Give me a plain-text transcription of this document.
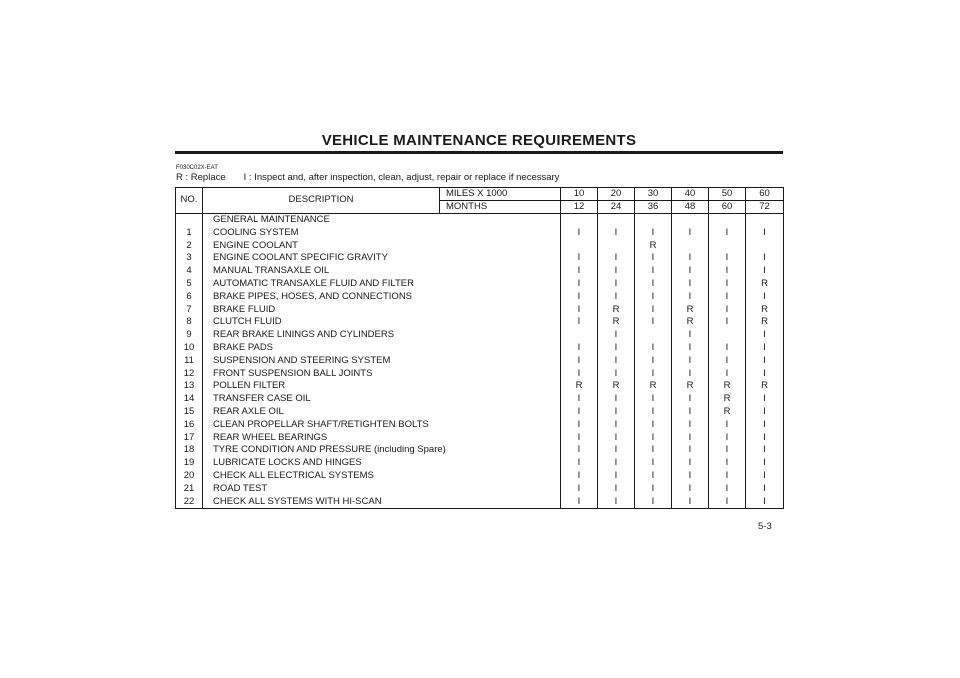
VEHICLE MAINTENANCE REQUIREMENTS
F030C02X-EAT
R : Replace I : Inspect and, after inspection, clean, adjust, repair or replace if necessary
NO.	DESCRIPTION	MILES X 1000	10	20	30	40	50	60
		MONTHS	12	24	36	48	60	72
	GENERAL MAINTENANCE							
1	COOLING SYSTEM		I	I	I	I	I	I
2	ENGINE COOLANT				R			
3	ENGINE COOLANT SPECIFIC GRAVITY		I	I	I	I	I	I
4	MANUAL TRANSAXLE OIL		I	I	I	I	I	I
5	AUTOMATIC TRANSAXLE FLUID AND FILTER		I	I	I	I	I	R
6	BRAKE PIPES, HOSES, AND CONNECTIONS		I	I	I	I	I	I
7	BRAKE FLUID		I	R	I	R	I	R
8	CLUTCH FLUID		I	R	I	R	I	R
9	REAR BRAKE LININGS AND CYLINDERS			I		I		I
10	BRAKE PADS		I	I	I	I	I	I
11	SUSPENSION AND STEERING SYSTEM		I	I	I	I	I	I
12	FRONT SUSPENSION BALL JOINTS		I	I	I	I	I	I
13	POLLEN FILTER		R	R	R	R	R	R
14	TRANSFER CASE OIL		I	I	I	I	R	I
15	REAR AXLE OIL		I	I	I	I	R	I
16	CLEAN PROPELLAR SHAFT/RETIGHTEN BOLTS		I	I	I	I	I	I
17	REAR WHEEL BEARINGS		I	I	I	I	I	I
18	TYRE CONDITION AND PRESSURE (including Spare)		I	I	I	I	I	I
19	LUBRICATE LOCKS AND HINGES		I	I	I	I	I	I
20	CHECK ALL ELECTRICAL SYSTEMS		I	I	I	I	I	I
21	ROAD TEST		I	I	I	I	I	I
22	CHECK ALL SYSTEMS WITH HI-SCAN		I	I	I	I	I	I
5-3
